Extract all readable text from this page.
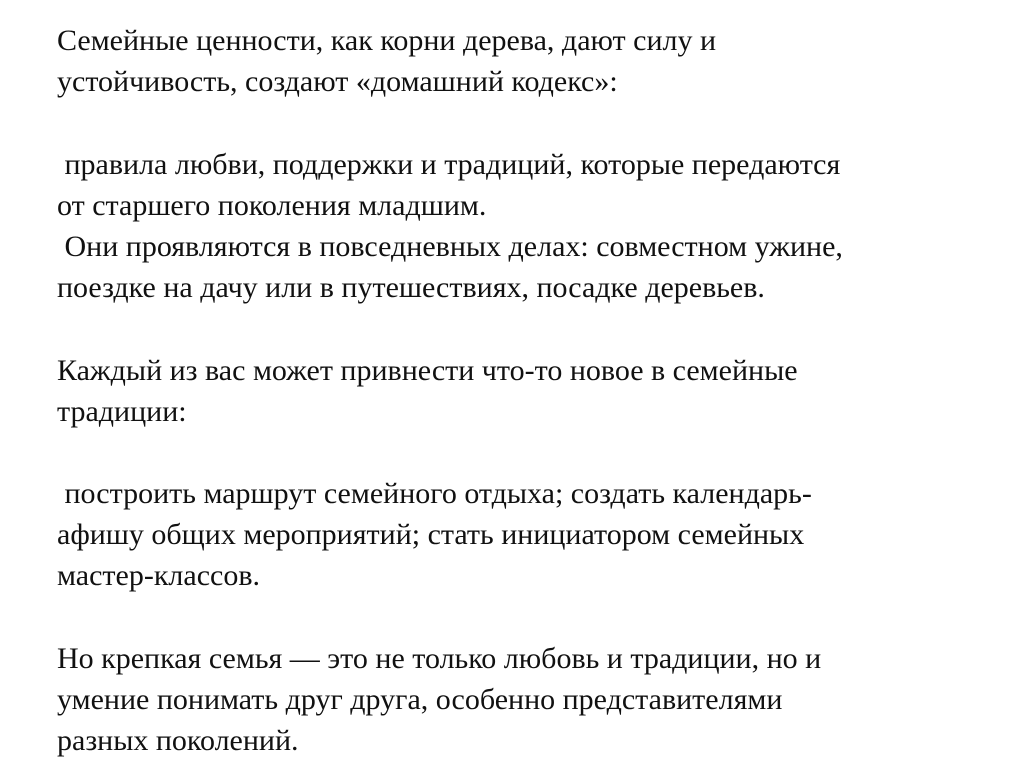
Семейные ценности, как корни дерева, дают силу и
устойчивость, создают «домашний кодекс»:
правила любви, поддержки и традиций, которые передаются
от старшего поколения младшим.
Они проявляются в повседневных делах: совместном ужине,
поездке на дачу или в путешествиях, посадке деревьев.
Каждый из вас может привнести что-то новое в семейные
традиции:
построить маршрут семейного отдыха; создать календарь-
афишу общих мероприятий; стать инициатором семейных
мастер-классов.
Но крепкая семья — это не только любовь и традиции, но и
умение понимать друг друга, особенно представителями
разных поколений.
